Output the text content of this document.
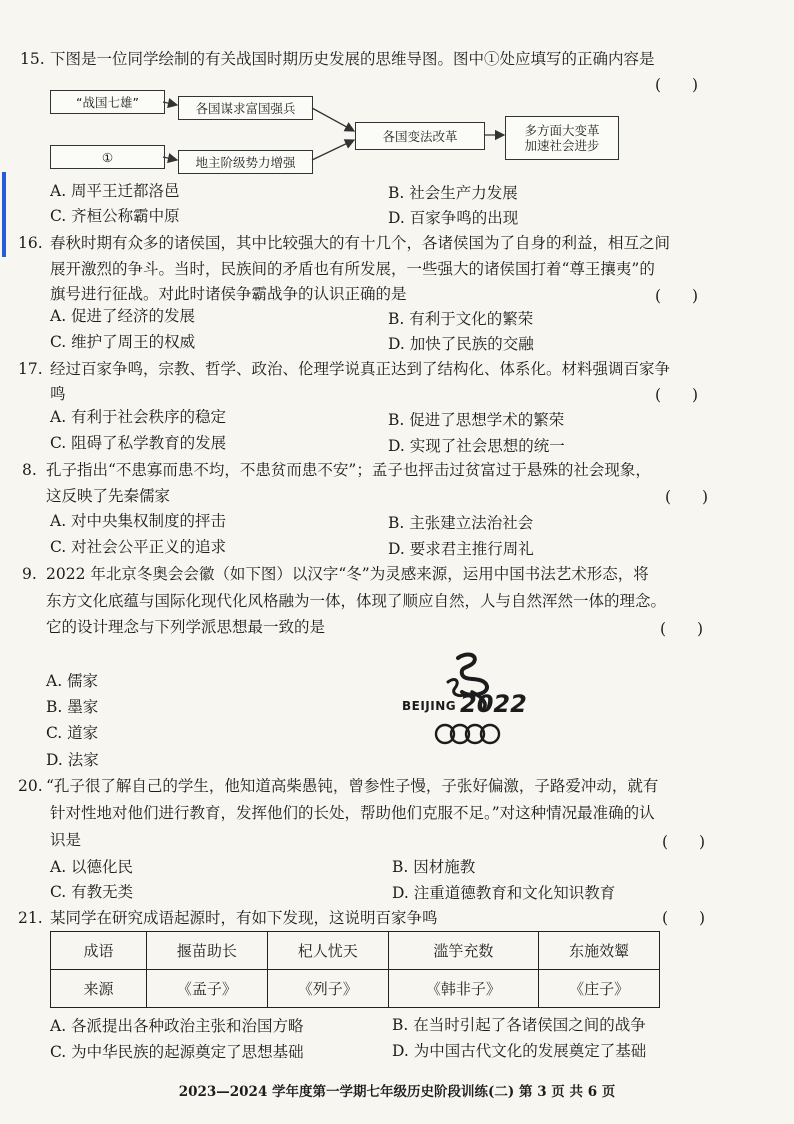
15. 下图是一位同学绘制的有关战国时期历史发展的思维导图。图中①处应填写的正确内容是
(　　)
“战国七雄”	各国谋求富国强兵
①	地主阶级势力增强
各国变法改革	多方面大变革
加速社会进步
A. 周平王迁都洛邑	B. 社会生产力发展
C. 齐桓公称霸中原	D. 百家争鸣的出现
16. 春秋时期有众多的诸侯国，其中比较强大的有十几个，各诸侯国为了自身的利益，相互之间
展开激烈的争斗。当时，民族间的矛盾也有所发展，一些强大的诸侯国打着“尊王攘夷”的
旗号进行征战。对此时诸侯争霸战争的认识正确的是	(　　)
A. 促进了经济的发展	B. 有利于文化的繁荣
C. 维护了周王的权威	D. 加快了民族的交融
17. 经过百家争鸣，宗教、哲学、政治、伦理学说真正达到了结构化、体系化。材料强调百家争
鸣	(　　)
A. 有利于社会秩序的稳定	B. 促进了思想学术的繁荣
C. 阻碍了私学教育的发展	D. 实现了社会思想的统一
8. 孔子指出“不患寡而患不均，不患贫而患不安”；孟子也抨击过贫富过于悬殊的社会现象，
这反映了先秦儒家	(　　)
A. 对中央集权制度的抨击	B. 主张建立法治社会
C. 对社会公平正义的追求	D. 要求君主推行周礼
9. 2022 年北京冬奥会会徽（如下图）以汉字“冬”为灵感来源，运用中国书法艺术形态，将
东方文化底蕴与国际化现代化风格融为一体，体现了顺应自然，人与自然浑然一体的理念。
它的设计理念与下列学派思想最一致的是	(　　)
BEIJING 2022
A. 儒家
B. 墨家
C. 道家
D. 法家
20. “孔子很了解自己的学生，他知道高柴愚钝，曾参性子慢，子张好偏激，子路爱冲动，就有
针对性地对他们进行教育，发挥他们的长处，帮助他们克服不足。”对这种情况最准确的认
识是	(　　)
A. 以德化民	B. 因材施教
C. 有教无类	D. 注重道德教育和文化知识教育
21. 某同学在研究成语起源时，有如下发现，这说明百家争鸣	(　　)
成语	揠苗助长	杞人忧天	滥竽充数	东施效颦
来源	《孟子》	《列子》	《韩非子》	《庄子》
A. 各派提出各种政治主张和治国方略	B. 在当时引起了各诸侯国之间的战争
C. 为中华民族的起源奠定了思想基础	D. 为中国古代文化的发展奠定了基础
2023—2024 学年度第一学期七年级历史阶段训练(二) 第 3 页 共 6 页
